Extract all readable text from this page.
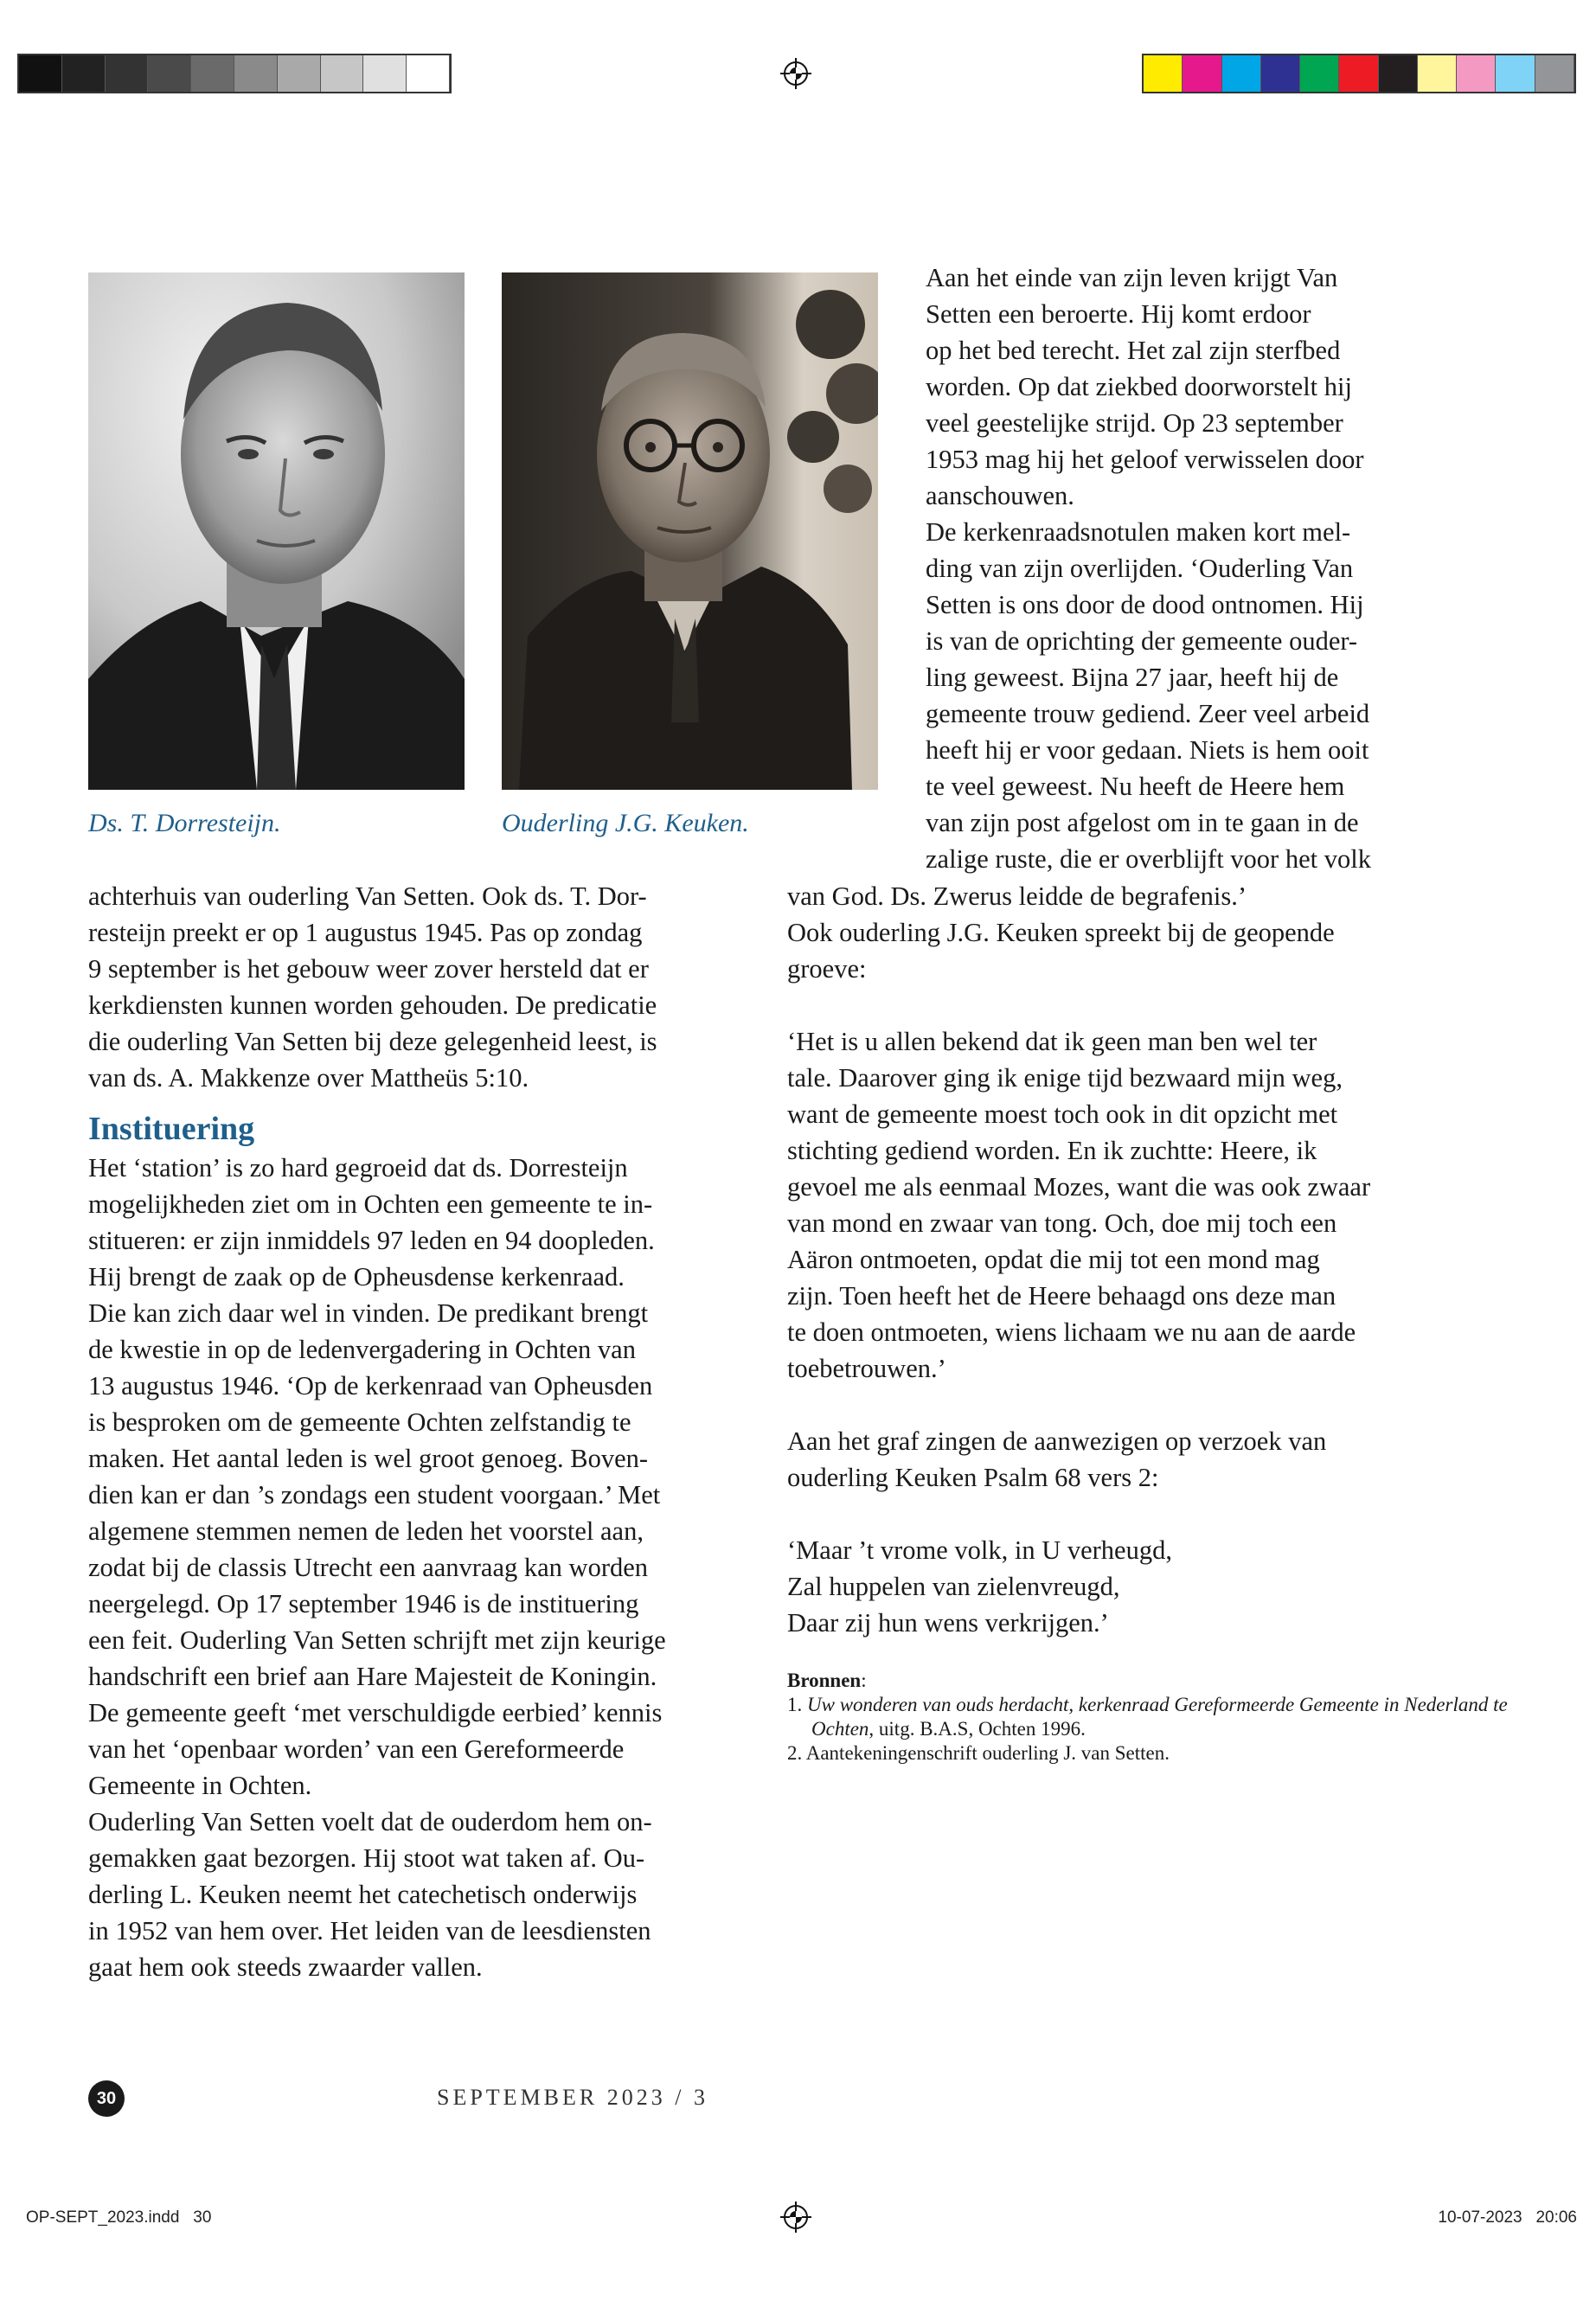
Ds. T. Dorresteijn.	Ouderling J.G. Keuken.

achterhuis van ouderling Van Setten. Ook ds. T. Dor-

resteijn preekt er op 1 augustus 1945. Pas op zondag

9 september is het gebouw weer zover hersteld dat er

kerkdiensten kunnen worden gehouden. De predicatie

die ouderling Van Setten bij deze gelegenheid leest, is

van ds. A. Makkenze over Mattheüs 5:10.

Instituering

Het ‘station’ is zo hard gegroeid dat ds. Dorresteijn

mogelijkheden ziet om in Ochten een gemeente te in-

stitueren: er zijn inmiddels 97 leden en 94 doopleden.

Hij brengt de zaak op de Opheusdense kerkenraad.

Die kan zich daar wel in vinden. De predikant brengt

de kwestie in op de ledenvergadering in Ochten van

13 augustus 1946. ‘Op de kerkenraad van Opheusden

is besproken om de gemeente Ochten zelfstandig te

maken. Het aantal leden is wel groot genoeg. Boven-

dien kan er dan ’s zondags een student voorgaan.’ Met

algemene stemmen nemen de leden het voorstel aan,

zodat bij de classis Utrecht een aanvraag kan worden

neergelegd. Op 17 september 1946 is de instituering

een feit. Ouderling Van Setten schrijft met zijn keurige

handschrift een brief aan Hare Majesteit de Koningin.

De gemeente geeft ‘met verschuldigde eerbied’ kennis

van het ‘openbaar worden’ van een Gereformeerde

Gemeente in Ochten.

Ouderling Van Setten voelt dat de ouderdom hem on-

gemakken gaat bezorgen. Hij stoot wat taken af. Ou-

derling L. Keuken neemt het catechetisch onderwijs

in 1952 van hem over. Het leiden van de leesdiensten

gaat hem ook steeds zwaarder vallen.

Aan het einde van zijn leven krijgt Van

Setten een beroerte. Hij komt erdoor

op het bed terecht. Het zal zijn sterfbed

worden. Op dat ziekbed doorworstelt hij

veel geestelijke strijd. Op 23 september

1953 mag hij het geloof verwisselen door

aanschouwen.

De kerkenraadsnotulen maken kort mel-

ding van zijn overlijden. ‘Ouderling Van

Setten is ons door de dood ontnomen. Hij

is van de oprichting der gemeente ouder-

ling geweest. Bijna 27 jaar, heeft hij de

gemeente trouw gediend. Zeer veel arbeid

heeft hij er voor gedaan. Niets is hem ooit

te veel geweest. Nu heeft de Heere hem

van zijn post afgelost om in te gaan in de

zalige ruste, die er overblijft voor het volk

van God. Ds. Zwerus leidde de begrafenis.’

Ook ouderling J.G. Keuken spreekt bij de geopende

groeve:

‘Het is u allen bekend dat ik geen man ben wel ter

tale. Daarover ging ik enige tijd bezwaard mijn weg,

want de gemeente moest toch ook in dit opzicht met

stichting gediend worden. En ik zuchtte: Heere, ik

gevoel me als eenmaal Mozes, want die was ook zwaar

van mond en zwaar van tong. Och, doe mij toch een

Aäron ontmoeten, opdat die mij tot een mond mag

zijn. Toen heeft het de Heere behaagd ons deze man

te doen ontmoeten, wiens lichaam we nu aan de aarde

toebetrouwen.’

Aan het graf zingen de aanwezigen op verzoek van

ouderling Keuken Psalm 68 vers 2:

‘Maar ’t vrome volk, in U verheugd,

Zal huppelen van zielenvreugd,

Daar zij hun wens verkrijgen.’

Bronnen:
1. Uw wonderen van ouds herdacht, kerkenraad Gereformeerde Gemeente in Nederland te Ochten, uitg. B.A.S, Ochten 1996.
2. Aantekeningenschrift ouderling J. van Setten.
30	SEPTEMBER 2023 / 3
OP-SEPT_2023.indd   30	10-07-2023   20:06
